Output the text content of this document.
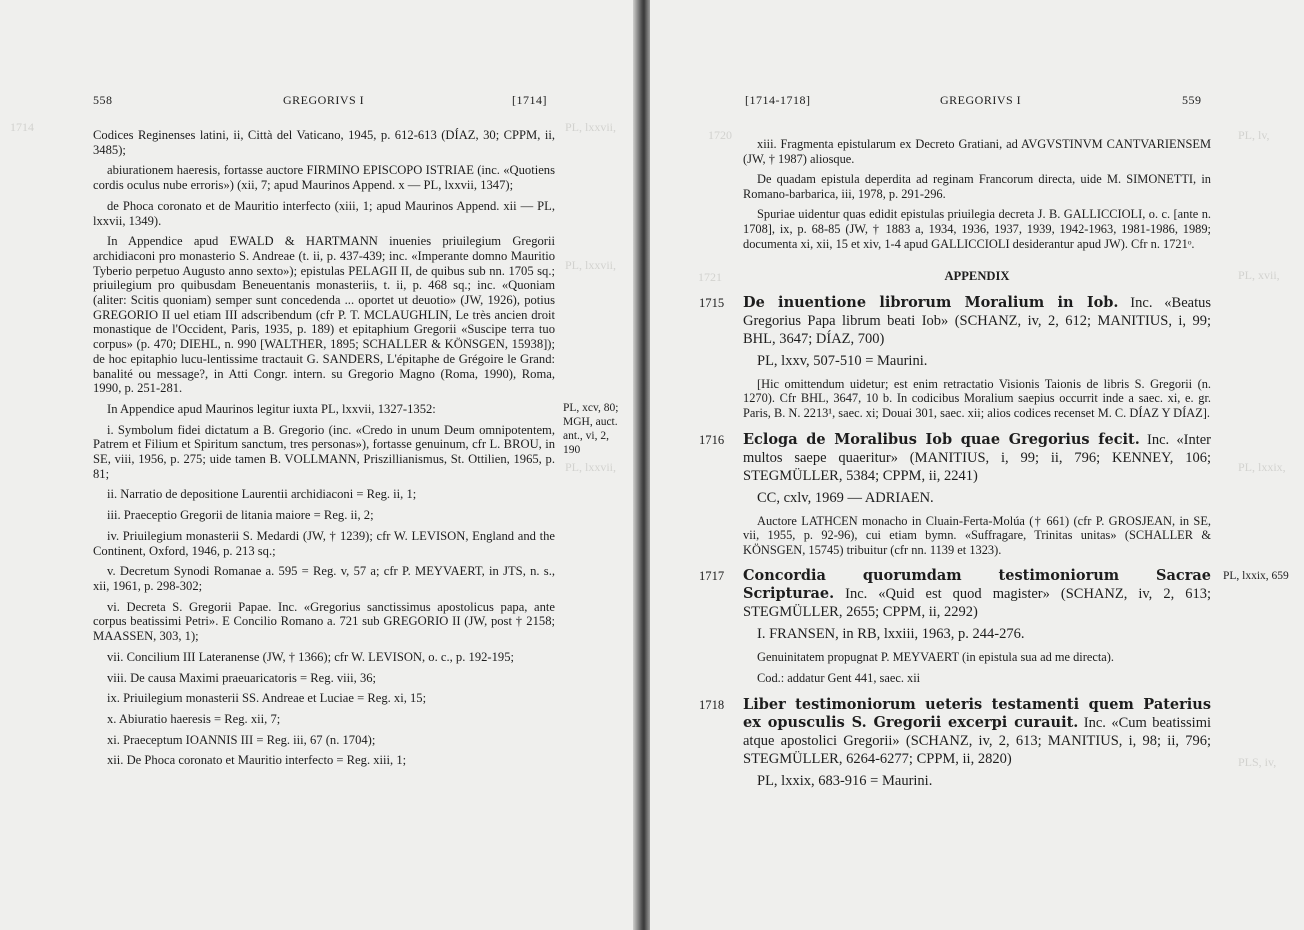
1714	PL, lxxvii,
PL, lxxvii,
PL, lxxvii,
558	GREGORIVS I	[1714]

Codices Reginenses latini, ii, Città del Vaticano, 1945, p. 612-613 (DÍAZ, 30; CPPM, ii, 3485);

abiurationem haeresis, fortasse auctore FIRMINO EPISCOPO ISTRIAE (inc. «Quotiens cordis oculus nube erroris») (xii, 7; apud Maurinos Append. x — PL, lxxvii, 1347);

de Phoca coronato et de Mauritio interfecto (xiii, 1; apud Maurinos Append. xii — PL, lxxvii, 1349).

In Appendice apud EWALD & HARTMANN inuenies priuilegium Gregorii archidiaconi pro monasterio S. Andreae (t. ii, p. 437-439; inc. «Imperante domno Mauritio Tyberio perpetuo Augusto anno sexto»); epistulas PELAGII II, de quibus sub nn. 1705 sq.; priuilegium pro quibusdam Beneuentanis monasteriis, t. ii, p. 468 sq.; inc. «Quoniam (aliter: Scitis quoniam) semper sunt concedenda ... oportet ut deuotio» (JW, 1926), potius GREGORIO II uel etiam III adscribendum (cfr P. T. MCLAUGHLIN, Le très ancien droit monastique de l'Occident, Paris, 1935, p. 189) et epitaphium Gregorii «Suscipe terra tuo corpus» (p. 470; DIEHL, n. 990 [WALTHER, 1895; SCHALLER & KÖNSGEN, 15938]); de hoc epitaphio lucu-lentissime tractauit G. SANDERS, L'épitaphe de Grégoire le Grand: banalité ou message?, in Atti Congr. intern. su Gregorio Magno (Roma, 1990), Roma, 1990, p. 251-281.

In Appendice apud Maurinos legitur iuxta PL, lxxvii, 1327-1352:

i. Symbolum fidei dictatum a B. Gregorio (inc. «Credo in unum Deum omnipotentem, Patrem et Filium et Spiritum sanctum, tres personas»), fortasse genuinum, cfr L. BROU, in SE, viii, 1956, p. 275; uide tamen B. VOLLMANN, Priszillianismus, St. Ottilien, 1965, p. 81;

ii. Narratio de depositione Laurentii archidiaconi = Reg. ii, 1;

iii. Praeceptio Gregorii de litania maiore = Reg. ii, 2;

iv. Priuilegium monasterii S. Medardi (JW, † 1239); cfr W. LEVISON, England and the Continent, Oxford, 1946, p. 213 sq.;

v. Decretum Synodi Romanae a. 595 = Reg. v, 57 a; cfr P. MEYVAERT, in JTS, n. s., xii, 1961, p. 298-302;

vi. Decreta S. Gregorii Papae. Inc. «Gregorius sanctissimus apostolicus papa, ante corpus beatissimi Petri». E Concilio Romano a. 721 sub GREGORIO II (JW, post † 2158; MAASSEN, 303, 1);

vii. Concilium III Lateranense (JW, † 1366); cfr W. LEVISON, o. c., p. 192-195;

viii. De causa Maximi praeuaricatoris = Reg. viii, 36;

ix. Priuilegium monasterii SS. Andreae et Luciae = Reg. xi, 15;

x. Abiuratio haeresis = Reg. xii, 7;

xi. Praeceptum IOANNIS III = Reg. iii, 67 (n. 1704);

xii. De Phoca coronato et Mauritio interfecto = Reg. xiii, 1;

PL, xcv, 80; MGH, auct. ant., vi, 2, 190
1720	PL, lv,
1721	PL, xvii,
PL, lxxix,
PLS, iv,
[1714-1718]	GREGORIVS I	559

xiii. Fragmenta epistularum ex Decreto Gratiani, ad AVGVSTINVM CANTVARIENSEM (JW, † 1987) aliosque.

De quadam epistula deperdita ad reginam Francorum directa, uide M. SIMONETTI, in Romano-barbarica, iii, 1978, p. 291-296.

Spuriae uidentur quas edidit epistulas priuilegia decreta J. B. GALLICCIOLI, o. c. [ante n. 1708], ix, p. 68-85 (JW, † 1883 a, 1934, 1936, 1937, 1939, 1942-1963, 1981-1986, 1989; documenta xi, xii, 15 et xiv, 1-4 apud GALLICCIOLI desiderantur apud JW). Cfr n. 1721ᵒ.

APPENDIX
1715 De inuentione librorum Moralium in Iob. Inc. «Beatus Gregorius Papa librum beati Iob» (SCHANZ, iv, 2, 612; MANITIUS, i, 99; BHL, 3647; DÍAZ, 700)
PL, lxxv, 507-510 = Maurini.

[Hic omittendum uidetur; est enim retractatio Visionis Taionis de libris S. Gregorii (n. 1270). Cfr BHL, 3647, 10 b. In codicibus Moralium saepius occurrit inde a saec. xi, e. gr. Paris, B. N. 2213¹, saec. xi; Douai 301, saec. xii; alios codices recenset M. C. DÍAZ Y DÍAZ].

1716 Ecloga de Moralibus Iob quae Gregorius fecit. Inc. «Inter multos saepe quaeritur» (MANITIUS, i, 99; ii, 796; KENNEY, 106; STEGMÜLLER, 5384; CPPM, ii, 2241)
CC, cxlv, 1969 — ADRIAEN.

Auctore LATHCEN monacho in Cluain-Ferta-Molúa († 661) (cfr P. GROSJEAN, in SE, vii, 1955, p. 92-96), cui etiam bymn. «Suffragare, Trinitas unitas» (SCHALLER & KÖNSGEN, 15745) tribuitur (cfr nn. 1139 et 1323).

1717	PL, lxxix, 659
Concordia quorumdam testimoniorum Sacrae Scripturae. Inc. «Quid est quod magister» (SCHANZ, iv, 2, 613; STEGMÜLLER, 2655; CPPM, ii, 2292)
I. FRANSEN, in RB, lxxiii, 1963, p. 244-276.

Genuinitatem propugnat P. MEYVAERT (in epistula sua ad me directa).

Cod.: addatur Gent 441, saec. xii

1718 Liber testimoniorum ueteris testamenti quem Paterius ex opusculis S. Gregorii excerpi curauit. Inc. «Cum beatissimi atque apostolici Gregorii» (SCHANZ, iv, 2, 613; MANITIUS, i, 98; ii, 796; STEGMÜLLER, 6264-6277; CPPM, ii, 2820)
PL, lxxix, 683-916 = Maurini.
